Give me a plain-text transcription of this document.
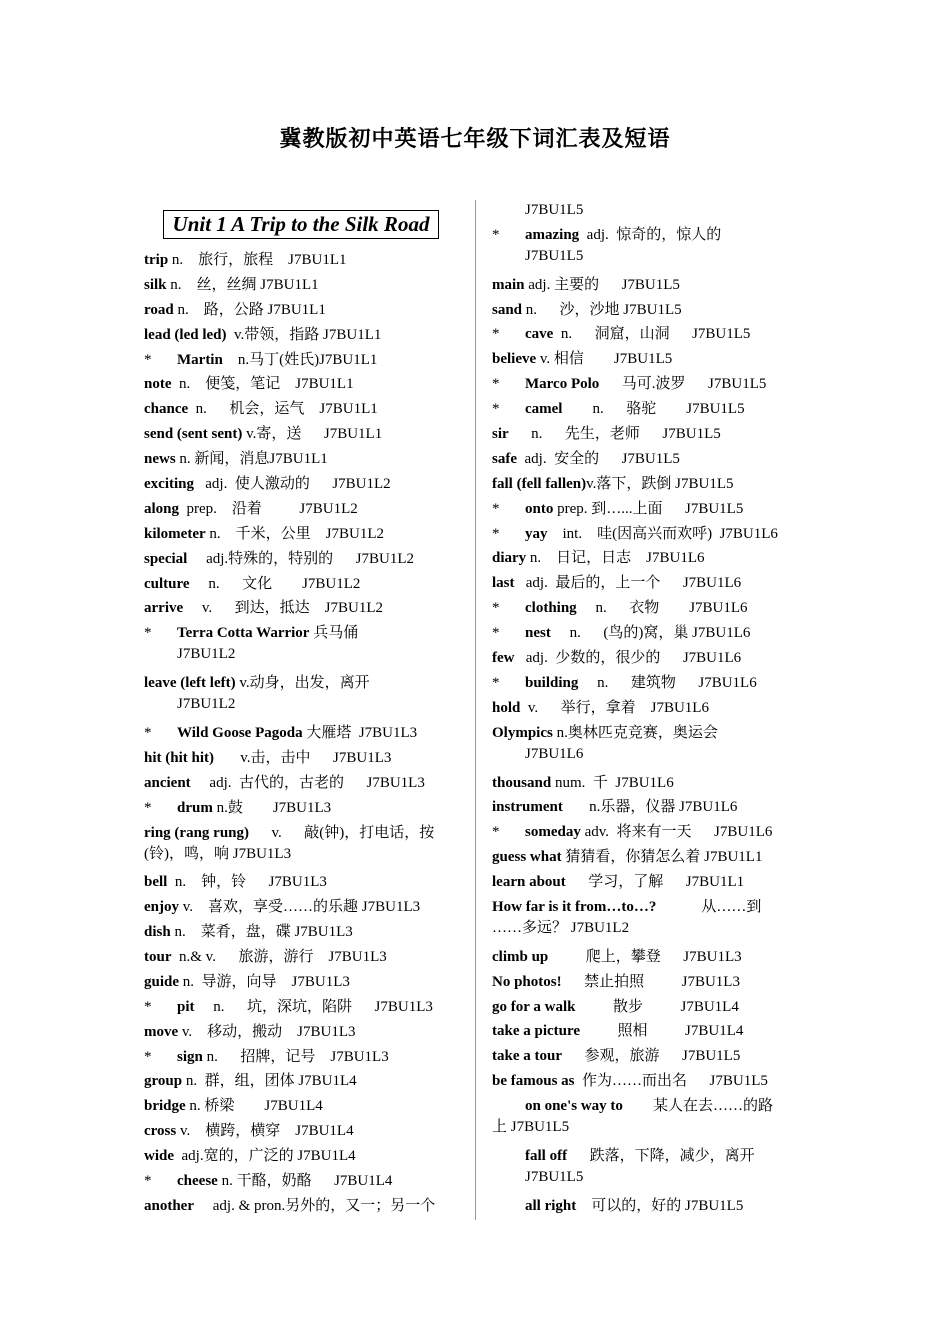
冀教版初中英语七年级下词汇表及短语
Unit 1 A Trip to the Silk Road
trip n.    旅行，旅程    J7BU1L1
silk n.    丝，丝绸 J7BU1L1
road n.    路，公路 J7BU1L1
lead (led led)  v.带领，指路 J7BU1L1
* Martin    n.马丁(姓氏)J7BU1L1
note  n.    便笺，笔记    J7BU1L1
chance  n.      机会，运气    J7BU1L1
send (sent sent) v.寄，送      J7BU1L1
news n. 新闻，消息J7BU1L1
exciting   adj.  使人激动的      J7BU1L2
along  prep.    沿着          J7BU1L2
kilometer n.    千米，公里    J7BU1L2
special     adj.特殊的，特别的      J7BU1L2
culture     n.      文化        J7BU1L2
arrive     v.      到达，抵达    J7BU1L2
* Terra Cotta Warrior 兵马俑
J7BU1L2
leave (left left) v.动身，出发，离开
J7BU1L2
* Wild Goose Pagoda 大雁塔  J7BU1L3
hit (hit hit)       v.击，击中      J7BU1L3
ancient     adj.  古代的，古老的      J7BU1L3
* drum n.鼓        J7BU1L3
ring (rang rung)      v.      敲(钟)，打电话，按
(铃)，鸣，响 J7BU1L3
bell  n.    钟，铃      J7BU1L3
enjoy v.    喜欢，享受……的乐趣 J7BU1L3
dish n.    菜肴，盘，碟 J7BU1L3
tour  n.& v.      旅游，游行    J7BU1L3
guide n.  导游，向导    J7BU1L3
* pit     n.      坑，深坑，陷阱      J7BU1L3
move v.    移动，搬动    J7BU1L3
* sign n.      招牌，记号    J7BU1L3
group n.  群，组，团体 J7BU1L4
bridge n. 桥梁        J7BU1L4
cross v.    横跨，横穿    J7BU1L4
wide  adj.宽的，广泛的 J7BU1L4
* cheese n. 干酪，奶酪      J7BU1L4
another     adj. & pron.另外的，又一；另一个
J7BU1L5
* amazing  adj.  惊奇的，惊人的
J7BU1L5
main adj. 主要的      J7BU1L5
sand n.      沙，沙地 J7BU1L5
* cave  n.      洞窟，山洞      J7BU1L5
believe v. 相信        J7BU1L5
* Marco Polo      马可.波罗      J7BU1L5
* camel        n.      骆驼        J7BU1L5
sir      n.      先生，老师      J7BU1L5
safe  adj.  安全的      J7BU1L5
fall (fell fallen)v.落下，跌倒 J7BU1L5
* onto prep. 到…...上面      J7BU1L5
* yay    int.    哇(因高兴而欢呼)  J7BU1L6
diary n.    日记，日志    J7BU1L6
last   adj.  最后的，上一个      J7BU1L6
* clothing     n.      衣物        J7BU1L6
* nest     n.      (鸟的)窝，巢 J7BU1L6
few   adj.  少数的，很少的      J7BU1L6
* building     n.      建筑物      J7BU1L6
hold  v.      举行，拿着    J7BU1L6
Olympics n.奥林匹克竞赛，奥运会
J7BU1L6
thousand num.  千  J7BU1L6
instrument       n.乐器，仪器 J7BU1L6
* someday adv.  将来有一天      J7BU1L6
guess what 猜猜看，你猜怎么着 J7BU1L1
learn about      学习，了解      J7BU1L1
How far is it from…to…?            从……到
……多远？ J7BU1L2
climb up          爬上，攀登      J7BU1L3
No photos!      禁止拍照          J7BU1L3
go for a walk          散步          J7BU1L4
take a picture          照相          J7BU1L4
take a tour      参观，旅游      J7BU1L5
be famous as  作为……而出名      J7BU1L5
on one's way to        某人在去……的路
上 J7BU1L5
fall off      跌落，下降，减少，离开
J7BU1L5
all right    可以的，好的 J7BU1L5
